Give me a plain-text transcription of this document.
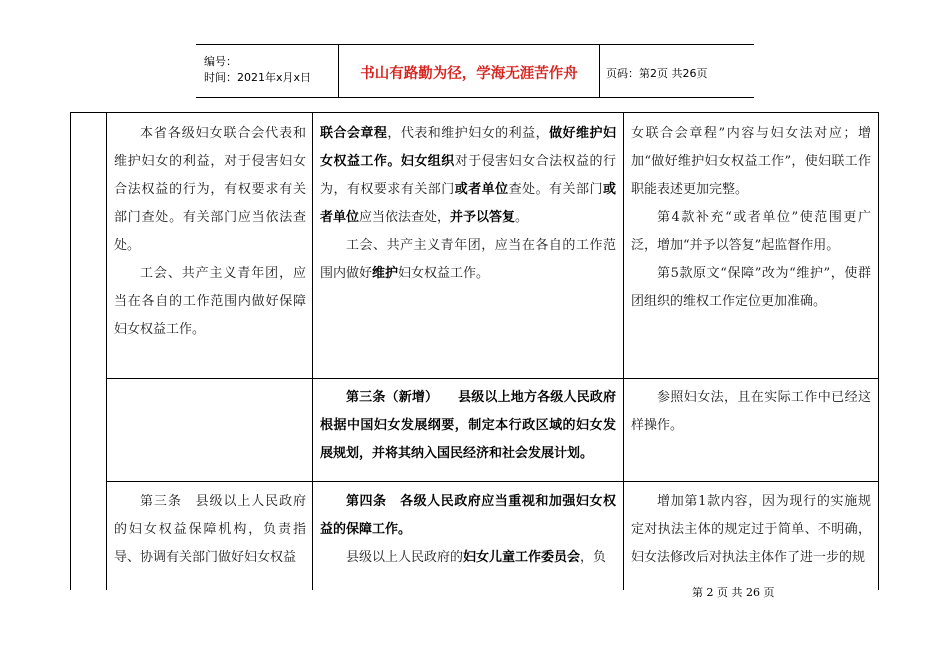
编号：
时间：2021年x月x日	书山有路勤为径，学海无涯苦作舟	页码：第2页 共26页

本省各级妇女联合会代表和维护妇女的利益，对于侵害妇女合法权益的行为，有权要求有关部门查处。有关部门应当依法查处。

工会、共产主义青年团，应当在各自的工作范围内做好保障妇女权益工作。

联合会章程，代表和维护妇女的利益，做好维护妇女权益工作。妇女组织对于侵害妇女合法权益的行为，有权要求有关部门或者单位查处。有关部门或者单位应当依法查处，并予以答复。

工会、共产主义青年团，应当在各自的工作范围内做好维护妇女权益工作。

女联合会章程”内容与妇女法对应；增加“做好维护妇女权益工作”，使妇联工作职能表述更加完整。

第4款补充“或者单位”使范围更广泛，增加“并予以答复”起监督作用。

第5款原文“保障”改为“维护”，使群团组织的维权工作定位更加准确。

第三条（新增）　　 县级以上地方各级人民政府根据中国妇女发展纲要，制定本行政区域的妇女发展规划，并将其纳入国民经济和社会发展计划。

参照妇女法，且在实际工作中已经这样操作。

第三条　县级以上人民政府的妇女权益保障机构，负责指导、协调有关部门做好妇女权益

第四条　 各级人民政府应当重视和加强妇女权益的保障工作。

县级以上人民政府的妇女儿童工作委员会，负

增加第1款内容，因为现行的实施规定对执法主体的规定过于简单、不明确，妇女法修改后对执法主体作了进一步的规

第 2 页 共 26 页
